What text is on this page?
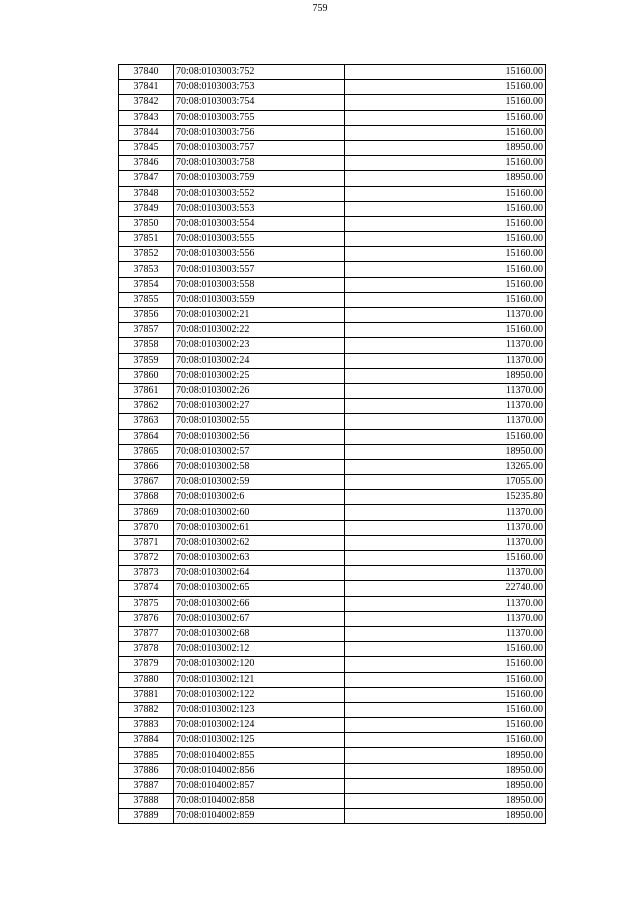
759
37840	70:08:0103003:752	15160.00
37841	70:08:0103003:753	15160.00
37842	70:08:0103003:754	15160.00
37843	70:08:0103003:755	15160.00
37844	70:08:0103003:756	15160.00
37845	70:08:0103003:757	18950.00
37846	70:08:0103003:758	15160.00
37847	70:08:0103003:759	18950.00
37848	70:08:0103003:552	15160.00
37849	70:08:0103003:553	15160.00
37850	70:08:0103003:554	15160.00
37851	70:08:0103003:555	15160.00
37852	70:08:0103003:556	15160.00
37853	70:08:0103003:557	15160.00
37854	70:08:0103003:558	15160.00
37855	70:08:0103003:559	15160.00
37856	70:08:0103002:21	11370.00
37857	70:08:0103002:22	15160.00
37858	70:08:0103002:23	11370.00
37859	70:08:0103002:24	11370.00
37860	70:08:0103002:25	18950.00
37861	70:08:0103002:26	11370.00
37862	70:08:0103002:27	11370.00
37863	70:08:0103002:55	11370.00
37864	70:08:0103002:56	15160.00
37865	70:08:0103002:57	18950.00
37866	70:08:0103002:58	13265.00
37867	70:08:0103002:59	17055.00
37868	70:08:0103002:6	15235.80
37869	70:08:0103002:60	11370.00
37870	70:08:0103002:61	11370.00
37871	70:08:0103002:62	11370.00
37872	70:08:0103002:63	15160.00
37873	70:08:0103002:64	11370.00
37874	70:08:0103002:65	22740.00
37875	70:08:0103002:66	11370.00
37876	70:08:0103002:67	11370.00
37877	70:08:0103002:68	11370.00
37878	70:08:0103002:12	15160.00
37879	70:08:0103002:120	15160.00
37880	70:08:0103002:121	15160.00
37881	70:08:0103002:122	15160.00
37882	70:08:0103002:123	15160.00
37883	70:08:0103002:124	15160.00
37884	70:08:0103002:125	15160.00
37885	70:08:0104002:855	18950.00
37886	70:08:0104002:856	18950.00
37887	70:08:0104002:857	18950.00
37888	70:08:0104002:858	18950.00
37889	70:08:0104002:859	18950.00
